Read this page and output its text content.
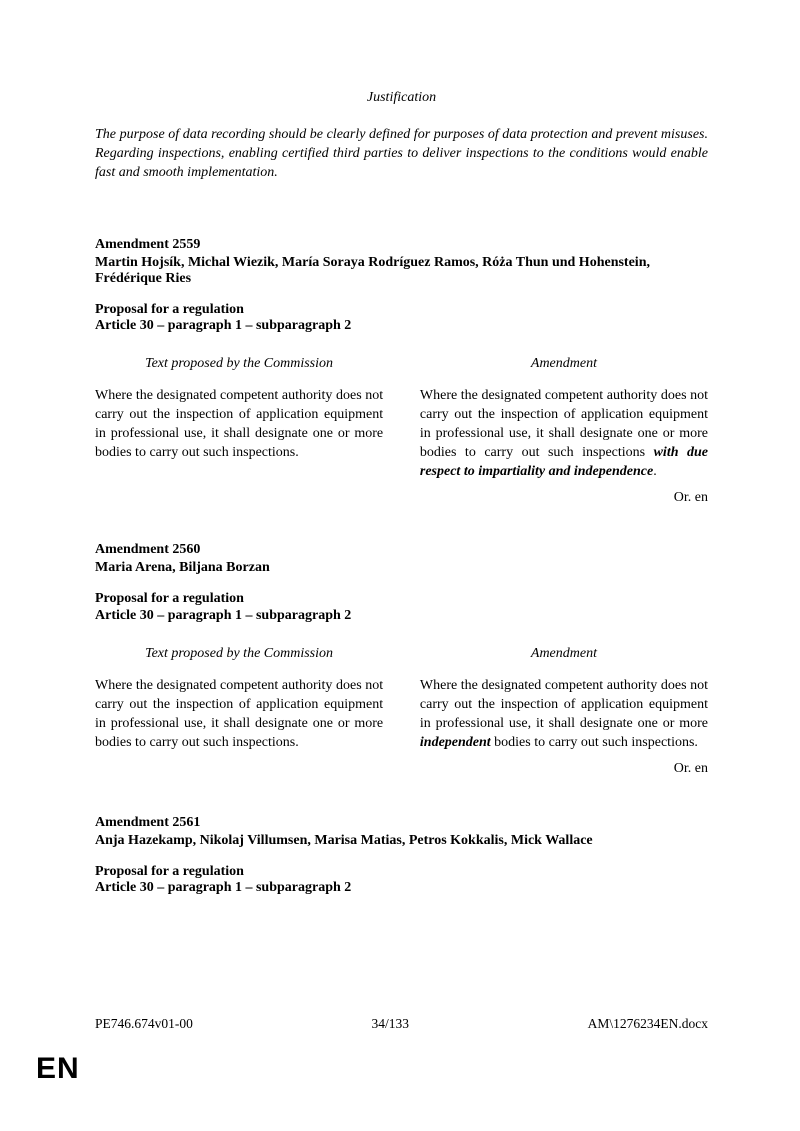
Justification
The purpose of data recording should be clearly defined for purposes of data protection and prevent misuses. Regarding inspections, enabling certified third parties to deliver inspections to the conditions would enable fast and smooth implementation.
Amendment 2559
Martin Hojsík, Michal Wiezik, María Soraya Rodríguez Ramos, Róża Thun und Hohenstein, Frédérique Ries
Proposal for a regulation
Article 30 – paragraph 1 – subparagraph 2
Text proposed by the Commission
Where the designated competent authority does not carry out the inspection of application equipment in professional use, it shall designate one or more bodies to carry out such inspections.
Amendment
Where the designated competent authority does not carry out the inspection of application equipment in professional use, it shall designate one or more bodies to carry out such inspections with due respect to impartiality and independence.
Or. en
Amendment 2560
Maria Arena, Biljana Borzan
Proposal for a regulation
Article 30 – paragraph 1 – subparagraph 2
Text proposed by the Commission
Where the designated competent authority does not carry out the inspection of application equipment in professional use, it shall designate one or more bodies to carry out such inspections.
Amendment
Where the designated competent authority does not carry out the inspection of application equipment in professional use, it shall designate one or more independent bodies to carry out such inspections.
Or. en
Amendment 2561
Anja Hazekamp, Nikolaj Villumsen, Marisa Matias, Petros Kokkalis, Mick Wallace
Proposal for a regulation
Article 30 – paragraph 1 – subparagraph 2
PE746.674v01-00	34/133	AM\1276234EN.docx
EN
